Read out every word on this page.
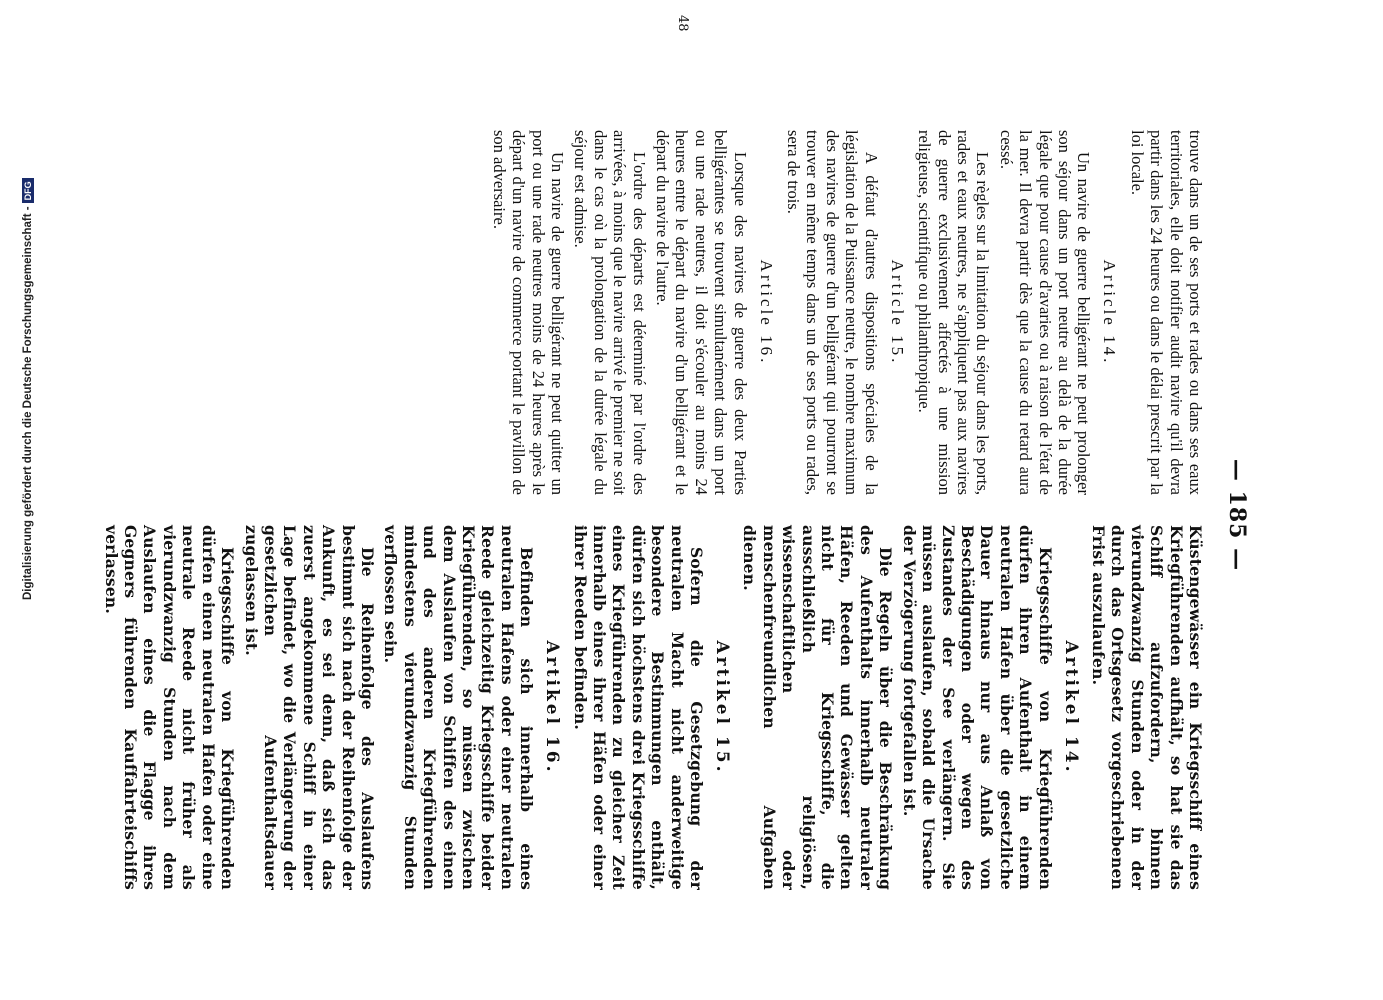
— 185 —

trouve dans un de ses ports et rades ou dans ses eaux territoriales, elle doit notifier audit navire qu'il devra partir dans les 24 heures ou dans le délai prescrit par la loi locale.

Article 14.

Un navire de guerre belligérant ne peut prolonger son séjour dans un port neutre au delà de la durée légale que pour cause d'avaries ou à raison de l'état de la mer. Il devra partir dès que la cause du retard aura cessé.

Les règles sur la limitation du séjour dans les ports, rades et eaux neutres, ne s'appliquent pas aux navires de guerre exclusivement affectés à une mission religieuse, scientifique ou philanthropique.

Article 15.

A défaut d'autres dispositions spéciales de la législation de la Puissance neutre, le nombre maximum des navires de guerre d'un belligérant qui pourront se trouver en même temps dans un de ses ports ou rades, sera de trois.

Article 16.

Lorsque des navires de guerre des deux Parties belligérantes se trouvent simultanément dans un port ou une rade neutres, il doit s'écouler au moins 24 heures entre le départ du navire d'un belligérant et le départ du navire de l'autre.

L'ordre des départs est déterminé par l'ordre des arrivées, à moins que le navire arrivé le premier ne soit dans le cas où la prolongation de la durée légale du séjour est admise.

Un navire de guerre belligérant ne peut quitter un port ou une rade neutres moins de 24 heures après le départ d'un navire de commerce portant le pavillon de son adversaire.

Küstengewässer ein Kriegsschiff eines Kriegführenden aufhält, so hat sie das Schiff aufzufordern, binnen vierundzwanzig Stunden oder in der durch das Ortsgesetz vorgeschriebenen Frist auszulaufen.

Artikel 14.

Kriegsschiffe von Kriegführenden dürfen ihren Aufenthalt in einem neutralen Hafen über die gesetzliche Dauer hinaus nur aus Anlaß von Beschädigungen oder wegen des Zustandes der See verlängern. Sie müssen auslaufen, sobald die Ursache der Verzögerung fortgefallen ist.

Die Regeln über die Beschränkung des Aufenthalts innerhalb neutraler Häfen, Reeden und Gewässer gelten nicht für Kriegsschiffe, die ausschließlich religiösen, wissenschaftlichen oder menschenfreundlichen Aufgaben dienen.

Artikel 15.

Sofern die Gesetzgebung der neutralen Macht nicht anderweitige besondere Bestimmungen enthält, dürfen sich höchstens drei Kriegsschiffe eines Kriegführenden zu gleicher Zeit innerhalb eines ihrer Häfen oder einer ihrer Reeden befinden.

Artikel 16.

Befinden sich innerhalb eines neutralen Hafens oder einer neutralen Reede gleichzeitig Kriegsschiffe beider Kriegführenden, so müssen zwischen dem Auslaufen von Schiffen des einen und des anderen Kriegführenden mindestens vierundzwanzig Stunden verflossen sein.

Die Reihenfolge des Auslaufens bestimmt sich nach der Reihenfolge der Ankunft, es sei denn, daß sich das zuerst angekommene Schiff in einer Lage befindet, wo die Verlängerung der gesetzlichen Aufenthaltsdauer zugelassen ist.

Kriegsschiffe von Kriegführenden dürfen einen neutralen Hafen oder eine neutrale Reede nicht früher als vierundzwanzig Stunden nach dem Auslaufen eines die Flagge ihres Gegners führenden Kauffahrteischiffs verlassen.

48
Digitalisierung gefördert durch die Deutsche Forschungsgemeinschaft -DFG
